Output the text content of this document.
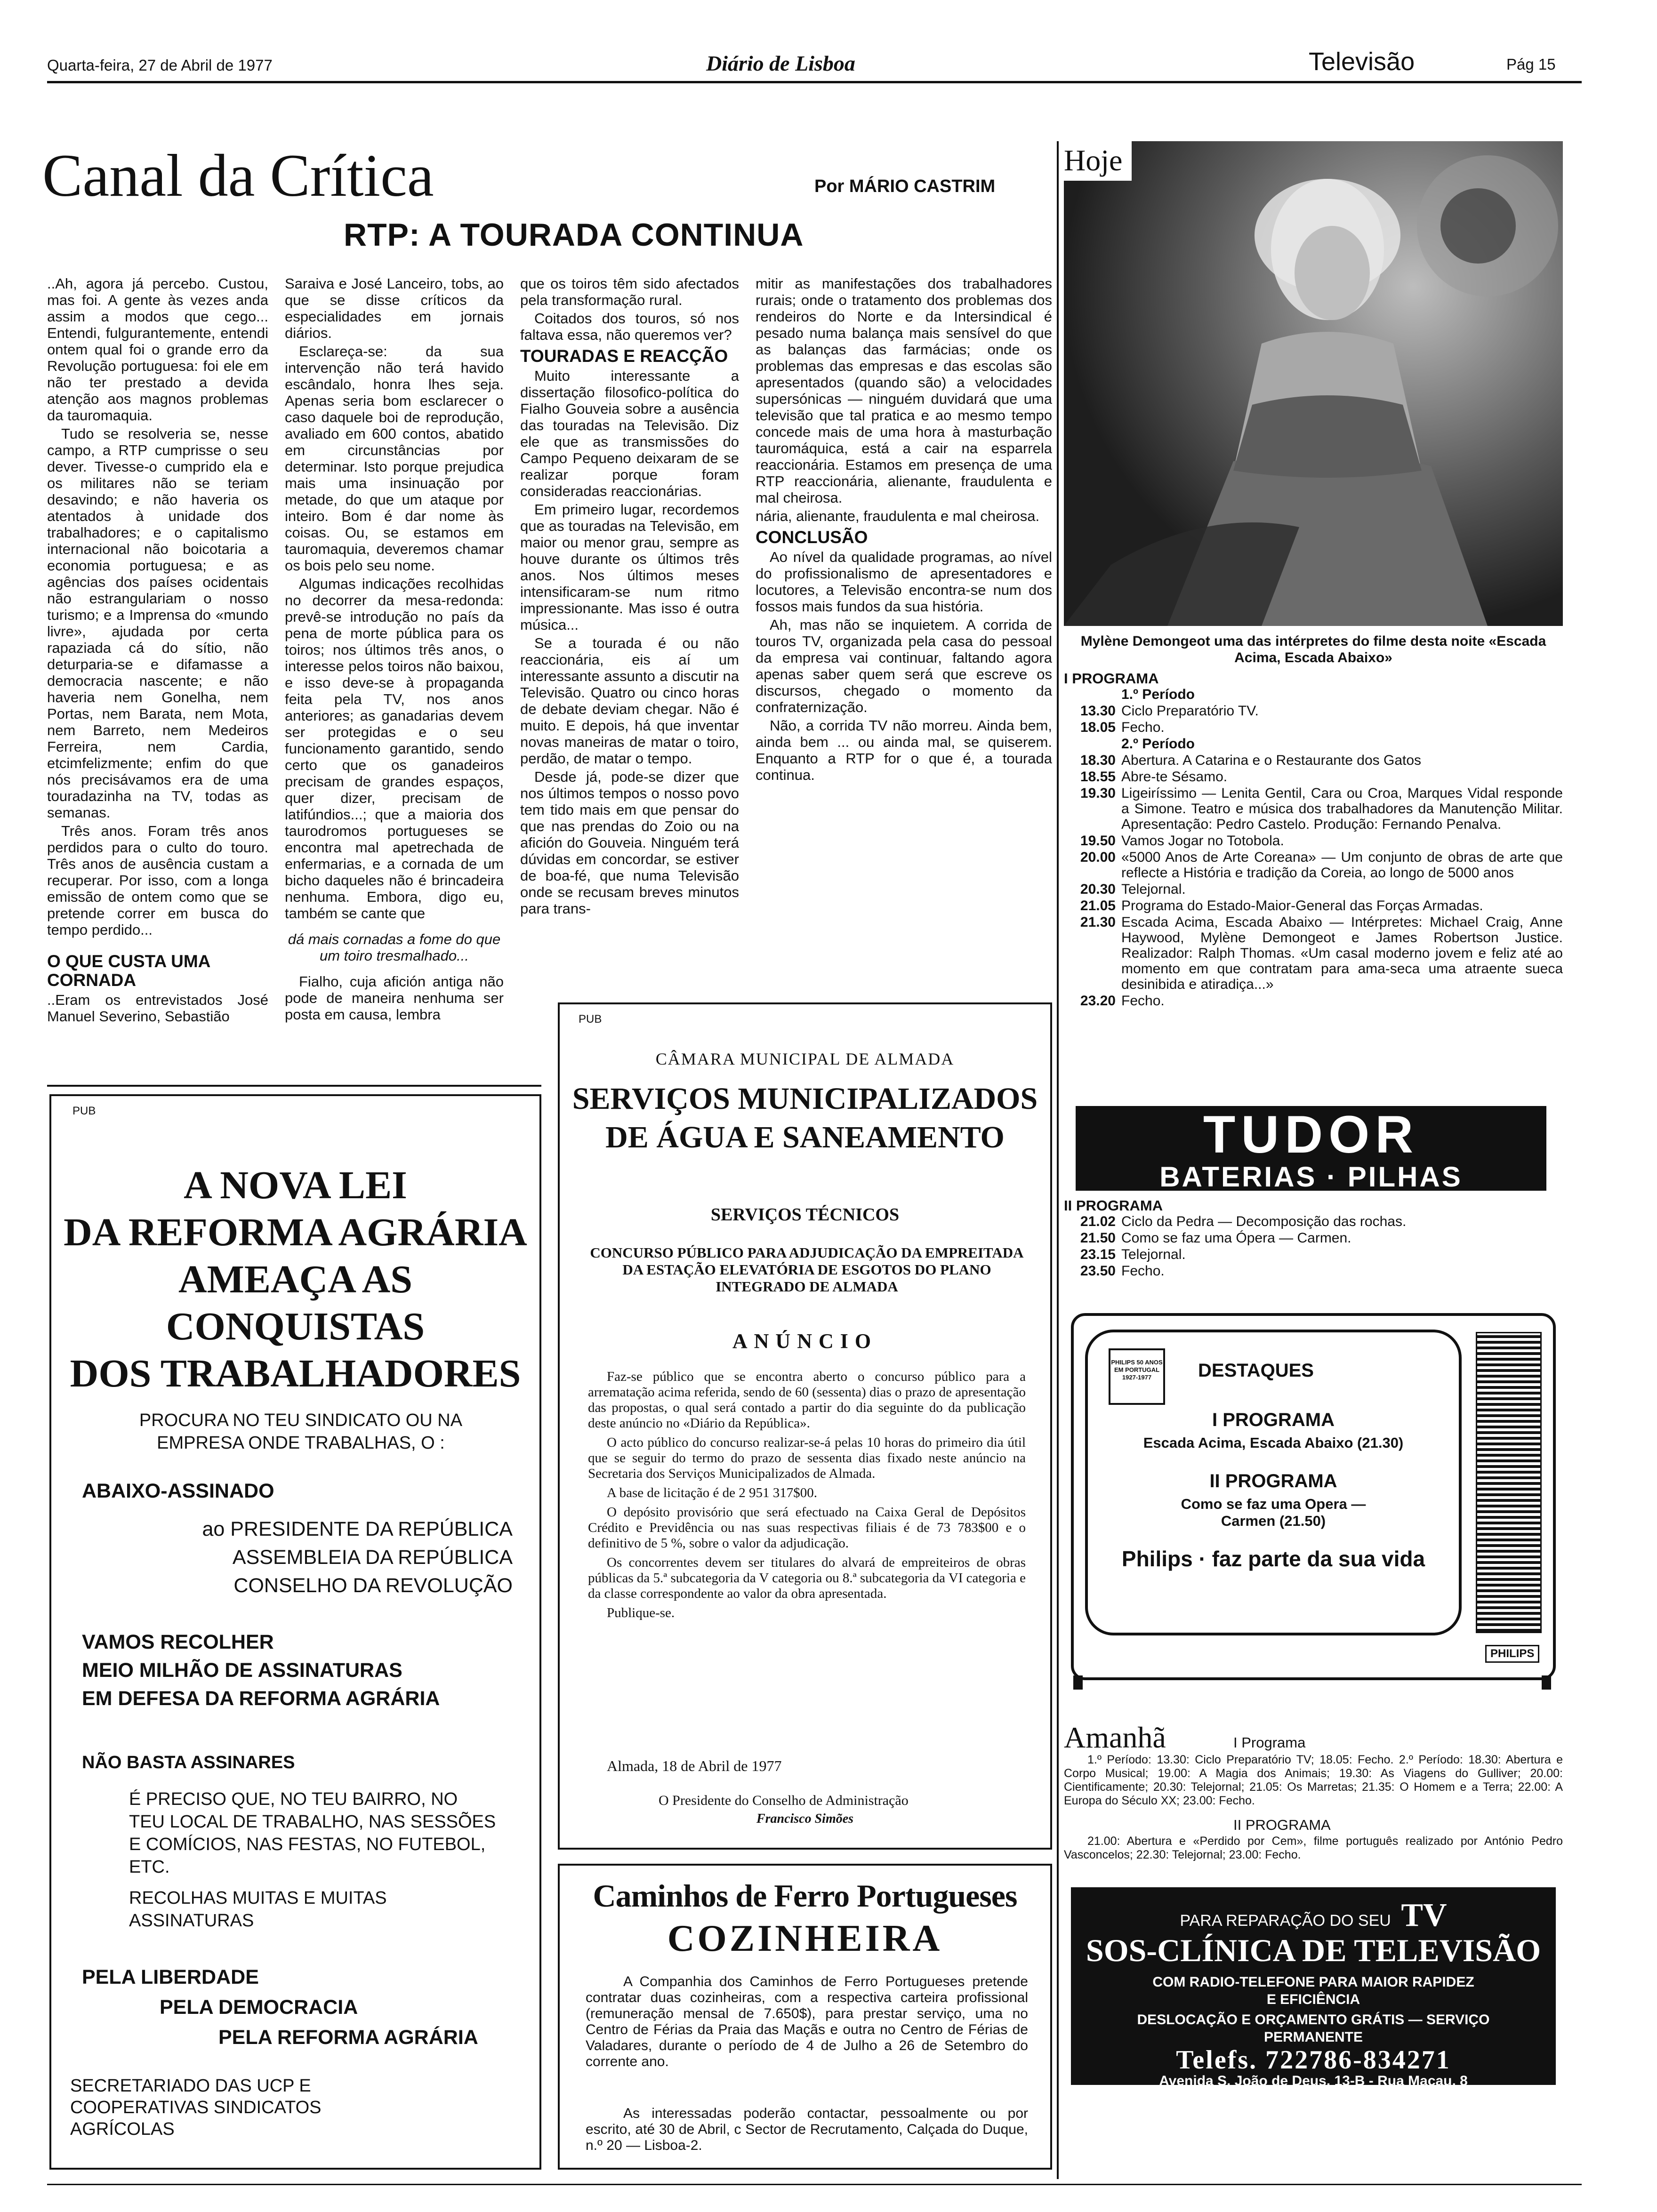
Quarta-feira, 27 de Abril de 1977	Diário de Lisboa	Televisão	Pág 15
Canal da Crítica	Por MÁRIO CASTRIM
RTP: A TOURADA CONTINUA

..Ah, agora já percebo. Custou, mas foi. A gente às vezes anda assim a modos que cego... Entendi, fulgurantemente, entendi ontem qual foi o grande erro da Revolução portuguesa: foi ele em não ter prestado a devida atenção aos magnos problemas da tauromaquia.

Tudo se resolveria se, nesse campo, a RTP cumprisse o seu dever. Tivesse-o cumprido ela e os militares não se teriam desavindo; e não haveria os atentados à unidade dos trabalhadores; e o capitalismo internacional não boicotaria a economia portuguesa; e as agências dos países ocidentais não estrangulariam o nosso turismo; e a Imprensa do «mundo livre», ajudada por certa rapaziada cá do sítio, não deturparia-se e difamasse a democracia nascente; e não haveria nem Gonelha, nem Portas, nem Barata, nem Mota, nem Barreto, nem Medeiros Ferreira, nem Cardia, etcimfelizmente; enfim do que nós precisávamos era de uma touradazinha na TV, todas as semanas.

Três anos. Foram três anos perdidos para o culto do touro. Três anos de ausência custam a recuperar. Por isso, com a longa emissão de ontem como que se pretende correr em busca do tempo perdido...

O QUE CUSTA UMA CORNADA

..Eram os entrevistados José Manuel Severino, Sebastião

Saraiva e José Lanceiro, tobs, ao que se disse críticos da especialidades em jornais diários.

Esclareça-se: da sua intervenção não terá havido escândalo, honra lhes seja. Apenas seria bom esclarecer o caso daquele boi de reprodução, avaliado em 600 contos, abatido em circunstâncias por determinar. Isto porque prejudica mais uma insinuação por metade, do que um ataque por inteiro. Bom é dar nome às coisas. Ou, se estamos em tauromaquia, deveremos chamar os bois pelo seu nome.

Algumas indicações recolhidas no decorrer da mesa-redonda: prevê-se introdução no país da pena de morte pública para os toiros; nos últimos três anos, o interesse pelos toiros não baixou, e isso deve-se à propaganda feita pela TV, nos anos anteriores; as ganadarias devem ser protegidas e o seu funcionamento garantido, sendo certo que os ganadeiros precisam de grandes espaços, quer dizer, precisam de latifúndios...; que a maioria dos taurodromos portugueses se encontra mal apetrechada de enfermarias, e a cornada de um bicho daqueles não é brincadeira nenhuma. Embora, digo eu, também se cante que

dá mais cornadas a fome do que um toiro tresmalhado...

Fialho, cuja afición antiga não pode de maneira nenhuma ser posta em causa, lembra

que os toiros têm sido afectados pela transformação rural.

Coitados dos touros, só nos faltava essa, não queremos ver?

TOURADAS E REACÇÃO

Muito interessante a dissertação filosofico-política do Fialho Gouveia sobre a ausência das touradas na Televisão. Diz ele que as transmissões do Campo Pequeno deixaram de se realizar porque foram consideradas reaccionárias.

Em primeiro lugar, recordemos que as touradas na Televisão, em maior ou menor grau, sempre as houve durante os últimos três anos. Nos últimos meses intensificaram-se num ritmo impressionante. Mas isso é outra música...

Se a tourada é ou não reaccionária, eis aí um interessante assunto a discutir na Televisão. Quatro ou cinco horas de debate deviam chegar. Não é muito. E depois, há que inventar novas maneiras de matar o toiro, perdão, de matar o tempo.

Desde já, pode-se dizer que nos últimos tempos o nosso povo tem tido mais em que pensar do que nas prendas do Zoio ou na afición do Gouveia. Ninguém terá dúvidas em concordar, se estiver de boa-fé, que numa Televisão onde se recusam breves minutos para trans-

mitir as manifestações dos trabalhadores rurais; onde o tratamento dos problemas dos rendeiros do Norte e da Intersindical é pesado numa balança mais sensível do que as balanças das farmácias; onde os problemas das empresas e das escolas são apresentados (quando são) a velocidades supersónicas — ninguém duvidará que uma televisão que tal pratica e ao mesmo tempo concede mais de uma hora à masturbação tauromáquica, está a cair na esparrela reaccionária. Estamos em presença de uma RTP reaccionária, alienante, fraudulenta e mal cheirosa.

nária, alienante, fraudulenta e mal cheirosa.

CONCLUSÃO

Ao nível da qualidade programas, ao nível do profissionalismo de apresentadores e locutores, a Televisão encontra-se num dos fossos mais fundos da sua história.

Ah, mas não se inquietem. A corrida de touros TV, organizada pela casa do pessoal da empresa vai continuar, faltando agora apenas saber quem será que escreve os discursos, chegado o momento da confraternização.

Não, a corrida TV não morreu. Ainda bem, ainda bem ... ou ainda mal, se quiserem. Enquanto a RTP for o que é, a tourada continua.

PUB
A NOVA LEI
DA REFORMA AGRÁRIA
AMEAÇA AS CONQUISTAS
DOS TRABALHADORES
PROCURA NO TEU SINDICATO OU NA EMPRESA ONDE TRABALHAS, O :
ABAIXO-ASSINADO
ao PRESIDENTE DA REPÚBLICA
ASSEMBLEIA DA REPÚBLICA
CONSELHO DA REVOLUÇÃO
VAMOS RECOLHER
MEIO MILHÃO DE ASSINATURAS
EM DEFESA DA REFORMA AGRÁRIA
NÃO BASTA ASSINARES
É PRECISO QUE, NO TEU BAIRRO, NO TEU LOCAL DE TRABALHO, NAS SESSÕES E COMÍCIOS, NAS FESTAS, NO FUTEBOL, ETC.
RECOLHAS MUITAS E MUITAS ASSINATURAS
PELA LIBERDADE
PELA DEMOCRACIA
PELA REFORMA AGRÁRIA
SECRETARIADO DAS UCP E COOPERATIVAS SINDICATOS AGRÍCOLAS
PUB
CÂMARA MUNICIPAL DE ALMADA
SERVIÇOS MUNICIPALIZADOS
DE ÁGUA E SANEAMENTO
SERVIÇOS TÉCNICOS
CONCURSO PÚBLICO PARA ADJUDICAÇÃO DA EMPREITADA DA ESTAÇÃO ELEVATÓRIA DE ESGOTOS DO PLANO INTEGRADO DE ALMADA
ANÚNCIO

Faz-se público que se encontra aberto o concurso público para a arrematação acima referida, sendo de 60 (sessenta) dias o prazo de apresentação das propostas, o qual será contado a partir do dia seguinte do da publicação deste anúncio no «Diário da República».

O acto público do concurso realizar-se-á pelas 10 horas do primeiro dia útil que se seguir do termo do prazo de sessenta dias fixado neste anúncio na Secretaria dos Serviços Municipalizados de Almada.

A base de licitação é de 2 951 317$00.

O depósito provisório que será efectuado na Caixa Geral de Depósitos Crédito e Previdência ou nas suas respectivas filiais é de 73 783$00 e o definitivo de 5 %, sobre o valor da adjudicação.

Os concorrentes devem ser titulares do alvará de empreiteiros de obras públicas da 5.ª subcategoria da V categoria ou 8.ª subcategoria da VI categoria e da classe correspondente ao valor da obra apresentada.

Publique-se.

Almada, 18 de Abril de 1977
O Presidente do Conselho de Administração
Francisco Simões
Caminhos de Ferro Portugueses
COZINHEIRA
A Companhia dos Caminhos de Ferro Portugueses pretende contratar duas cozinheiras, com a respectiva carteira profissional (remuneração mensal de 7.650$), para prestar serviço, uma no Centro de Férias da Praia das Maçãs e outra no Centro de Férias de Valadares, durante o período de 4 de Julho a 26 de Setembro do corrente ano.
As interessadas poderão contactar, pessoalmente ou por escrito, até 30 de Abril, c Sector de Recrutamento, Calçada do Duque, n.º 20 — Lisboa-2.
Hoje
Mylène Demongeot uma das intérpretes do filme desta noite «Escada Acima, Escada Abaixo»
I PROGRAMA
1.º Período
13.30 Ciclo Preparatório TV.
18.05 Fecho.
2.º Período
18.30 Abertura. A Catarina e o Restaurante dos Gatos
18.55 Abre-te Sésamo.
19.30 Ligeiríssimo — Lenita Gentil, Cara ou Croa, Marques Vidal responde a Simone. Teatro e música dos trabalhadores da Manutenção Militar. Apresentação: Pedro Castelo. Produção: Fernando Penalva.
19.50 Vamos Jogar no Totobola.
20.00 «5000 Anos de Arte Coreana» — Um conjunto de obras de arte que reflecte a História e tradição da Coreia, ao longo de 5000 anos
20.30 Telejornal.
21.05 Programa do Estado-Maior-General das Forças Armadas.
21.30 Escada Acima, Escada Abaixo — Intérpretes: Michael Craig, Anne Haywood, Mylène Demongeot e James Robertson Justice. Realizador: Ralph Thomas. «Um casal moderno jovem e feliz até ao momento em que contratam para ama-seca uma atraente sueca desinibida e atiradiça...»
23.20 Fecho.
TUDOR
BATERIAS · PILHAS
II PROGRAMA
21.02 Ciclo da Pedra — Decomposição das rochas.
21.50 Como se faz uma Ópera — Carmen.
23.15 Telejornal.
23.50 Fecho.
PHILIPS 50 ANOS EM PORTUGAL 1927-1977	DESTAQUES
I PROGRAMA
Escada Acima, Escada Abaixo (21.30)
II PROGRAMA
Como se faz uma Opera — Carmen (21.50)
Philips · faz parte da sua vida
PHILIPS
Amanhã	I Programa
1.º Período: 13.30: Ciclo Preparatório TV; 18.05: Fecho. 2.º Período: 18.30: Abertura e Corpo Musical; 19.00: A Magia dos Animais; 19.30: As Viagens do Gulliver; 20.00: Cientificamente; 20.30: Telejornal; 21.05: Os Marretas; 21.35: O Homem e a Terra; 22.00: A Europa do Século XX; 23.00: Fecho.
II PROGRAMA
21.00: Abertura e «Perdido por Cem», filme português realizado por António Pedro Vasconcelos; 22.30: Telejornal; 23.00: Fecho.
PARA REPARAÇÃO DO SEU TV
SOS-CLÍNICA DE TELEVISÃO
COM RADIO-TELEFONE PARA MAIOR RAPIDEZ
E EFICIÊNCIA
DESLOCAÇÃO E ORÇAMENTO GRÁTIS — SERVIÇO
PERMANENTE
Telefs. 722786-834271
Avenida S. João de Deus, 13-B - Rua Macau, 8
